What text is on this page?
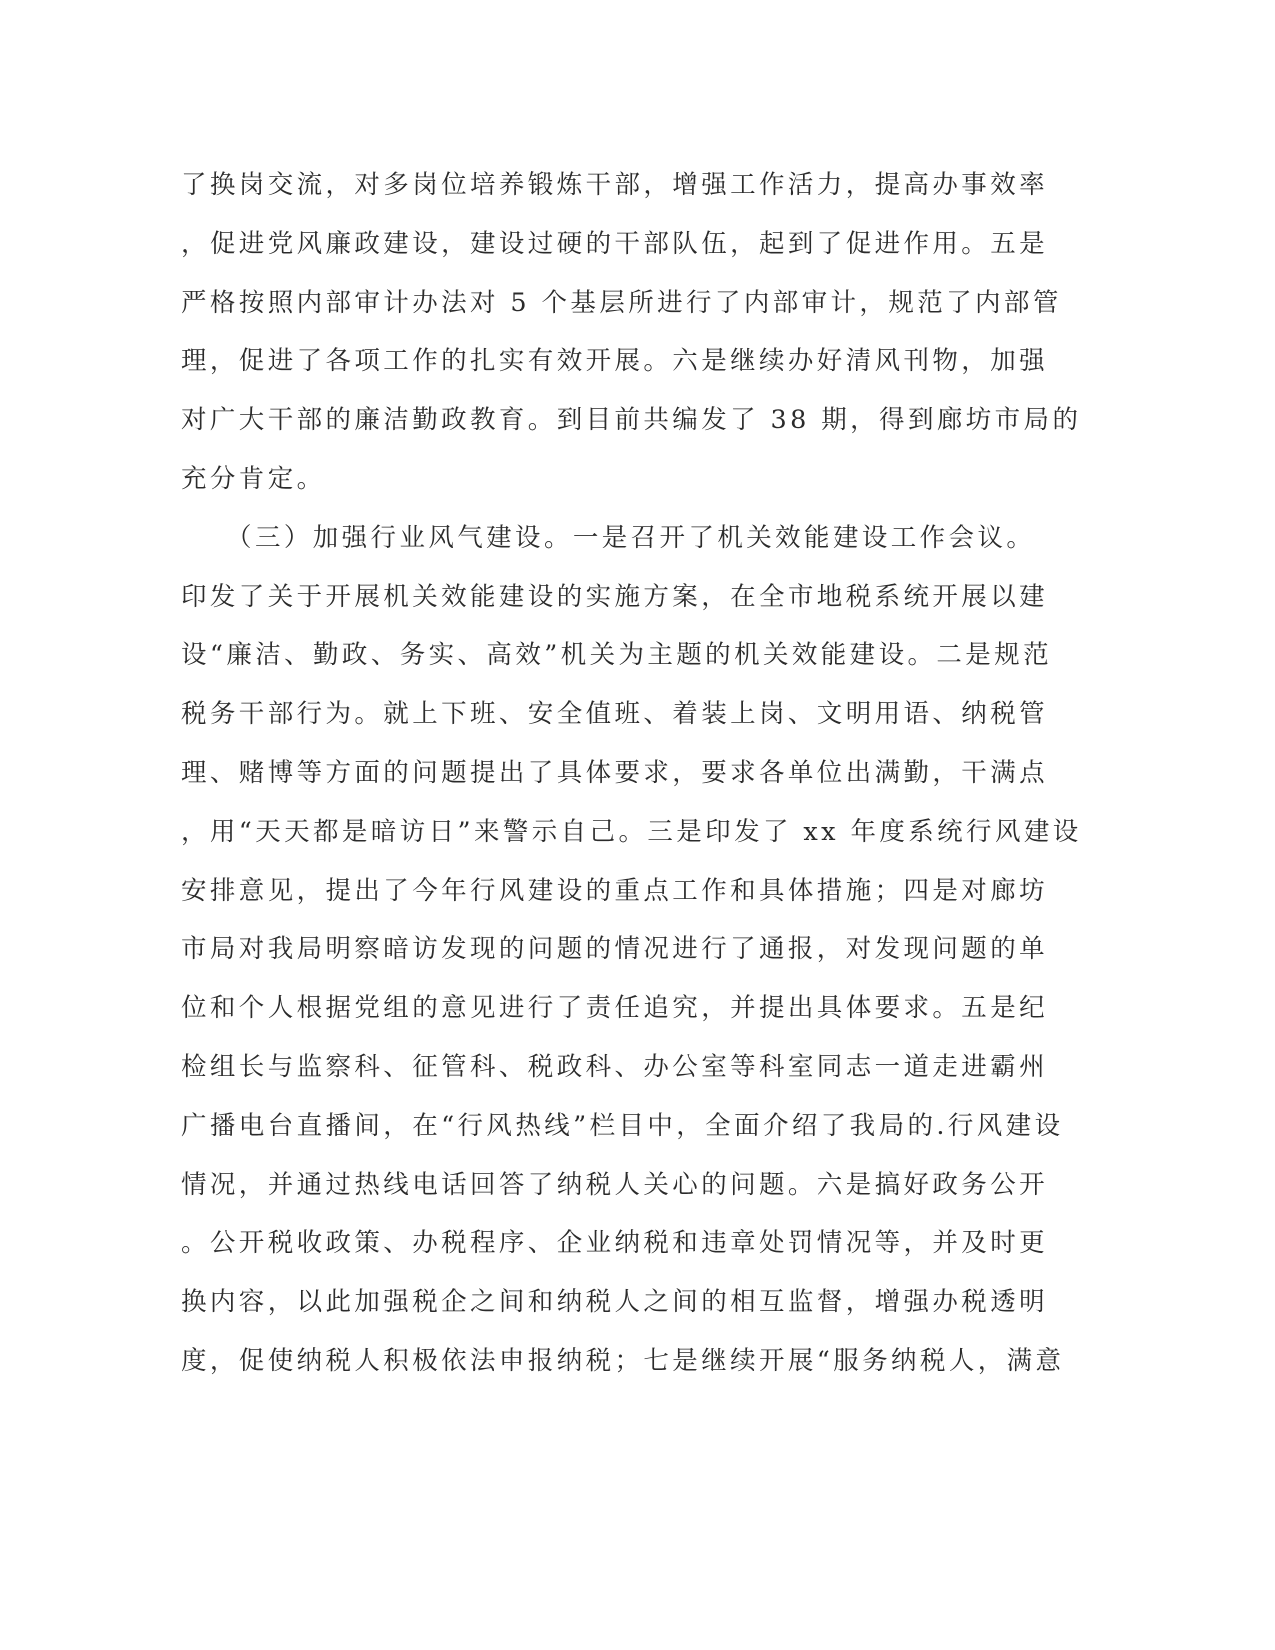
了换岗交流，对多岗位培养锻炼干部，增强工作活力，提高办事效率
，促进党风廉政建设，建设过硬的干部队伍，起到了促进作用。五是
严格按照内部审计办法对 5 个基层所进行了内部审计，规范了内部管
理，促进了各项工作的扎实有效开展。六是继续办好清风刊物，加强
对广大干部的廉洁勤政教育。到目前共编发了 38 期，得到廊坊市局的
充分肯定。
　　（三）加强行业风气建设。一是召开了机关效能建设工作会议。
印发了关于开展机关效能建设的实施方案，在全市地税系统开展以建
设“廉洁、勤政、务实、高效”机关为主题的机关效能建设。二是规范
税务干部行为。就上下班、安全值班、着装上岗、文明用语、纳税管
理、赌博等方面的问题提出了具体要求，要求各单位出满勤，干满点
，用“天天都是暗访日”来警示自己。三是印发了 xx 年度系统行风建设
安排意见，提出了今年行风建设的重点工作和具体措施；四是对廊坊
市局对我局明察暗访发现的问题的情况进行了通报，对发现问题的单
位和个人根据党组的意见进行了责任追究，并提出具体要求。五是纪
检组长与监察科、征管科、税政科、办公室等科室同志一道走进霸州
广播电台直播间，在“行风热线”栏目中，全面介绍了我局的.行风建设
情况，并通过热线电话回答了纳税人关心的问题。六是搞好政务公开
。公开税收政策、办税程序、企业纳税和违章处罚情况等，并及时更
换内容，以此加强税企之间和纳税人之间的相互监督，增强办税透明
度，促使纳税人积极依法申报纳税；七是继续开展“服务纳税人，满意
